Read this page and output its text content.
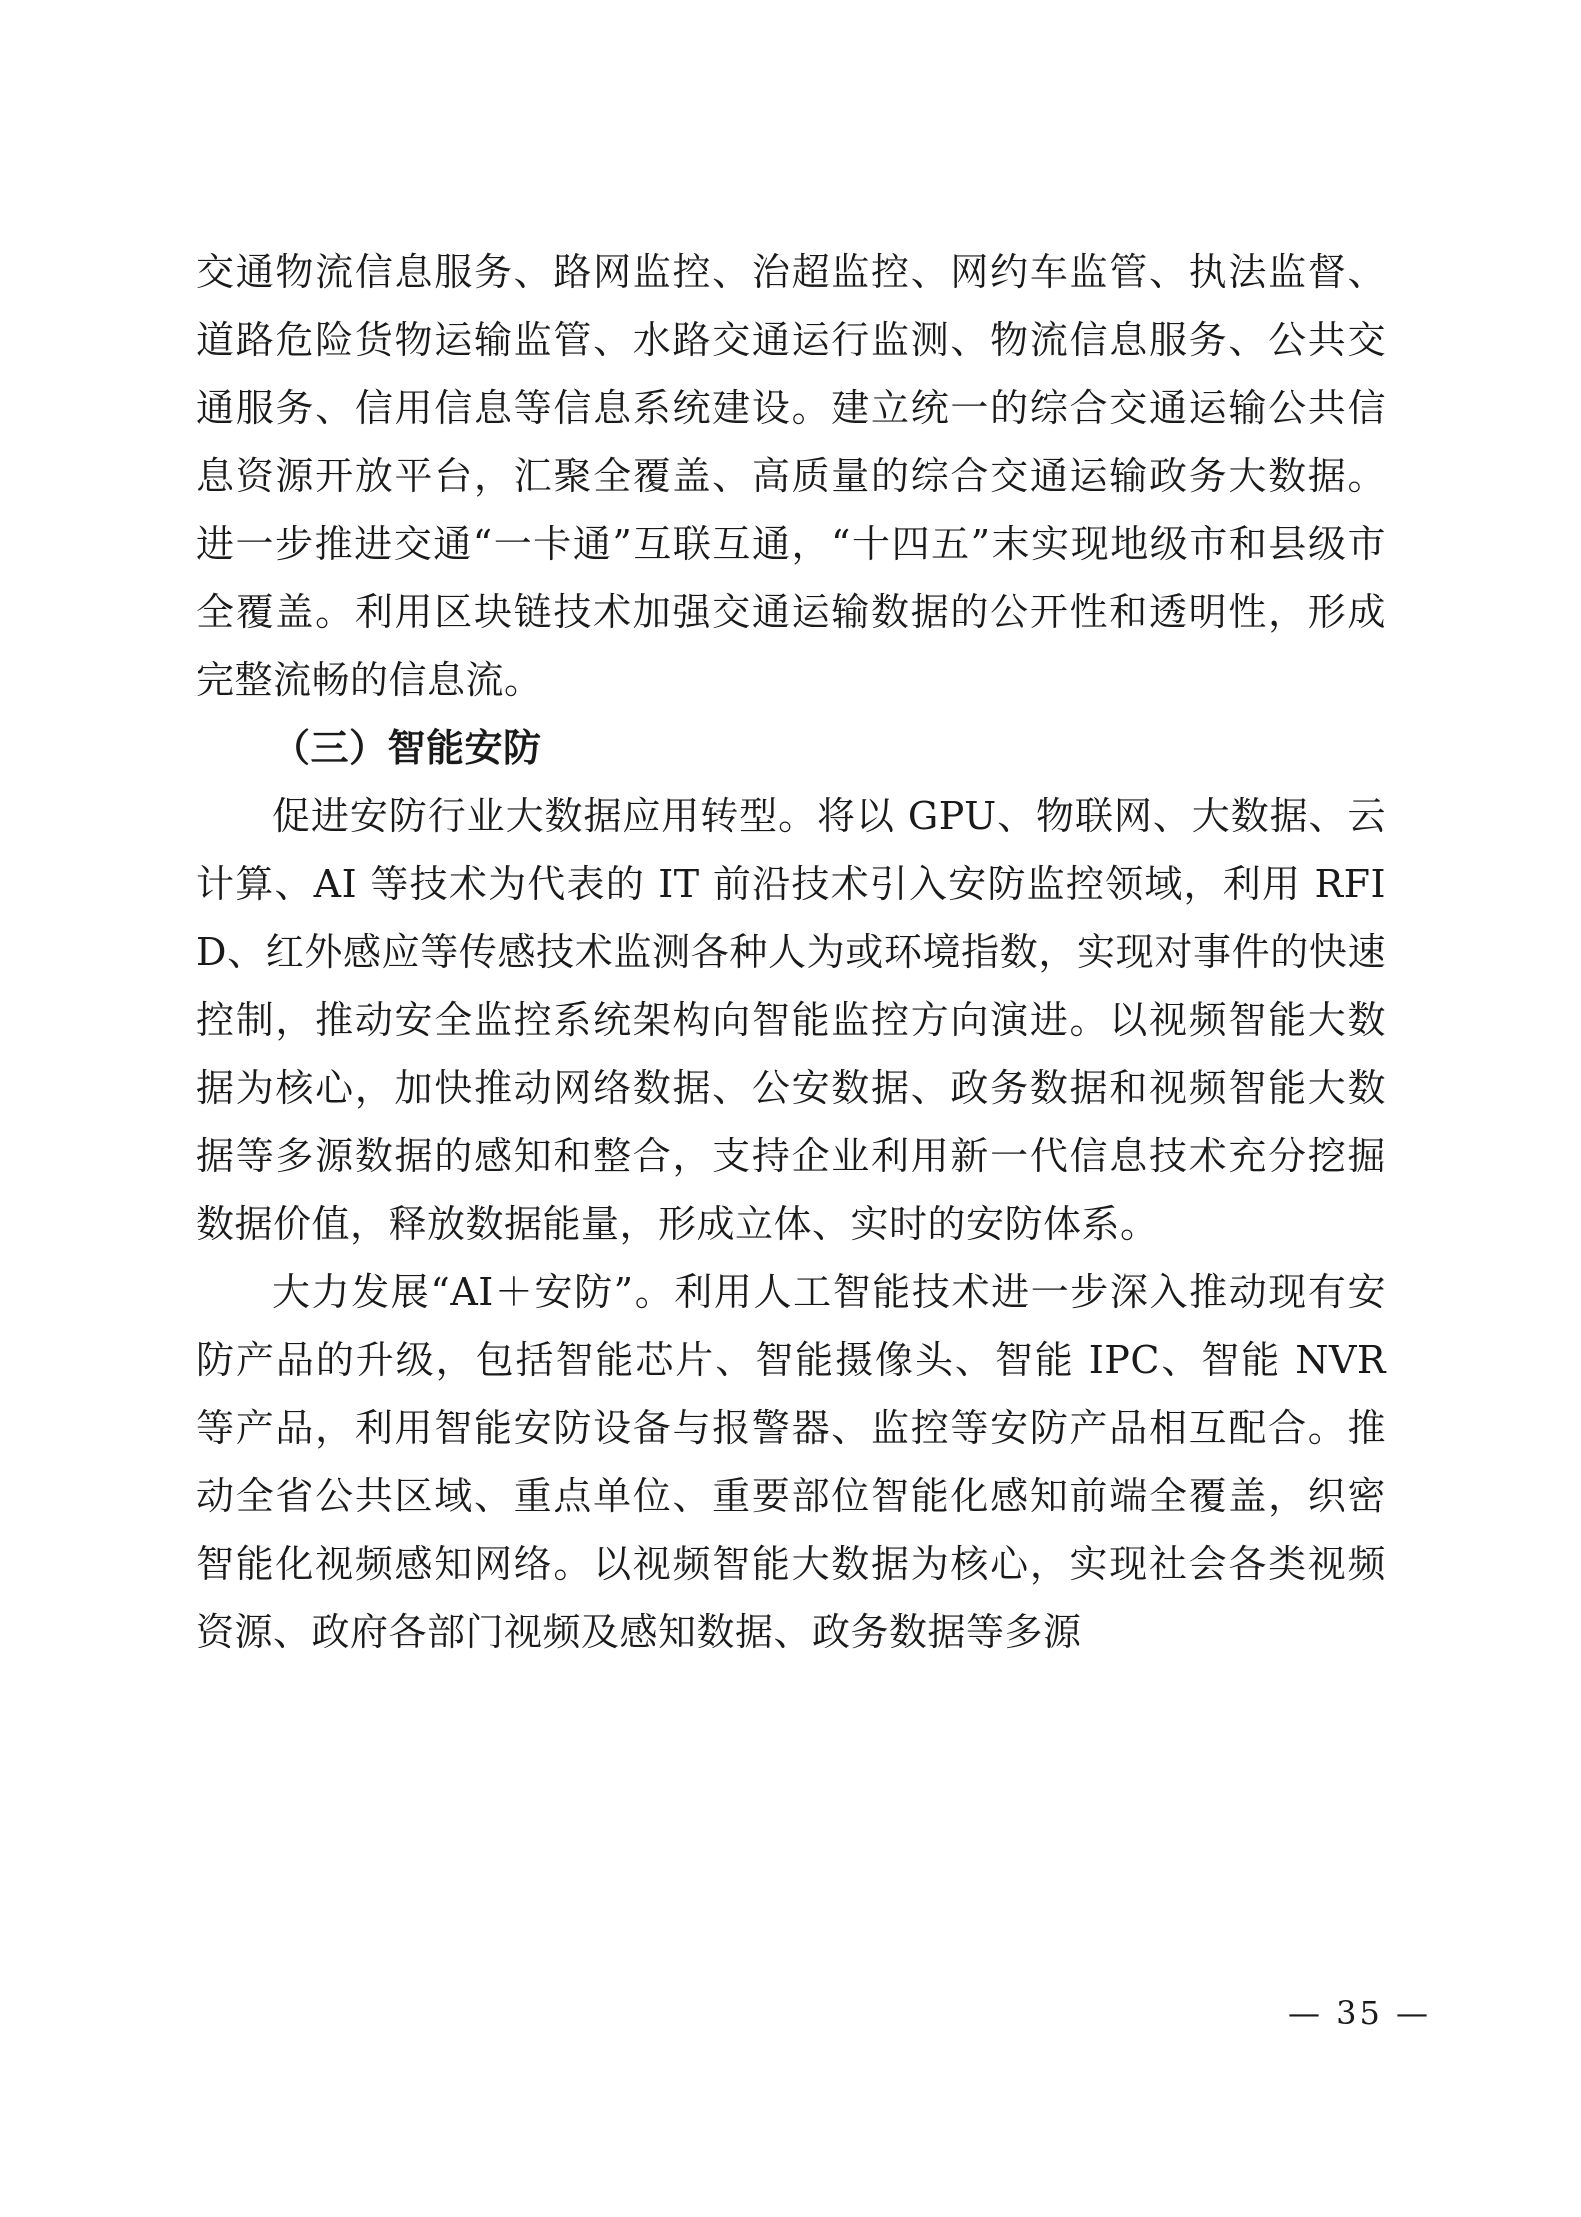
交通物流信息服务、路网监控、治超监控、网约车监管、执法监督、道路危险货物运输监管、水路交通运行监测、物流信息服务、公共交通服务、信用信息等信息系统建设。建立统一的综合交通运输公共信息资源开放平台，汇聚全覆盖、高质量的综合交通运输政务大数据。进一步推进交通“一卡通”互联互通，“十四五”末实现地级市和县级市全覆盖。利用区块链技术加强交通运输数据的公开性和透明性，形成完整流畅的信息流。

（三）智能安防

促进安防行业大数据应用转型。将以 GPU、物联网、大数据、云计算、AI 等技术为代表的 IT 前沿技术引入安防监控领域，利用 RFID、红外感应等传感技术监测各种人为或环境指数，实现对事件的快速控制，推动安全监控系统架构向智能监控方向演进。以视频智能大数据为核心，加快推动网络数据、公安数据、政务数据和视频智能大数据等多源数据的感知和整合，支持企业利用新一代信息技术充分挖掘数据价值，释放数据能量，形成立体、实时的安防体系。

大力发展“AI＋安防”。利用人工智能技术进一步深入推动现有安防产品的升级，包括智能芯片、智能摄像头、智能 IPC、智能 NVR 等产品，利用智能安防设备与报警器、监控等安防产品相互配合。推动全省公共区域、重点单位、重要部位智能化感知前端全覆盖，织密智能化视频感知网络。以视频智能大数据为核心，实现社会各类视频资源、政府各部门视频及感知数据、政务数据等多源

— 35 —
